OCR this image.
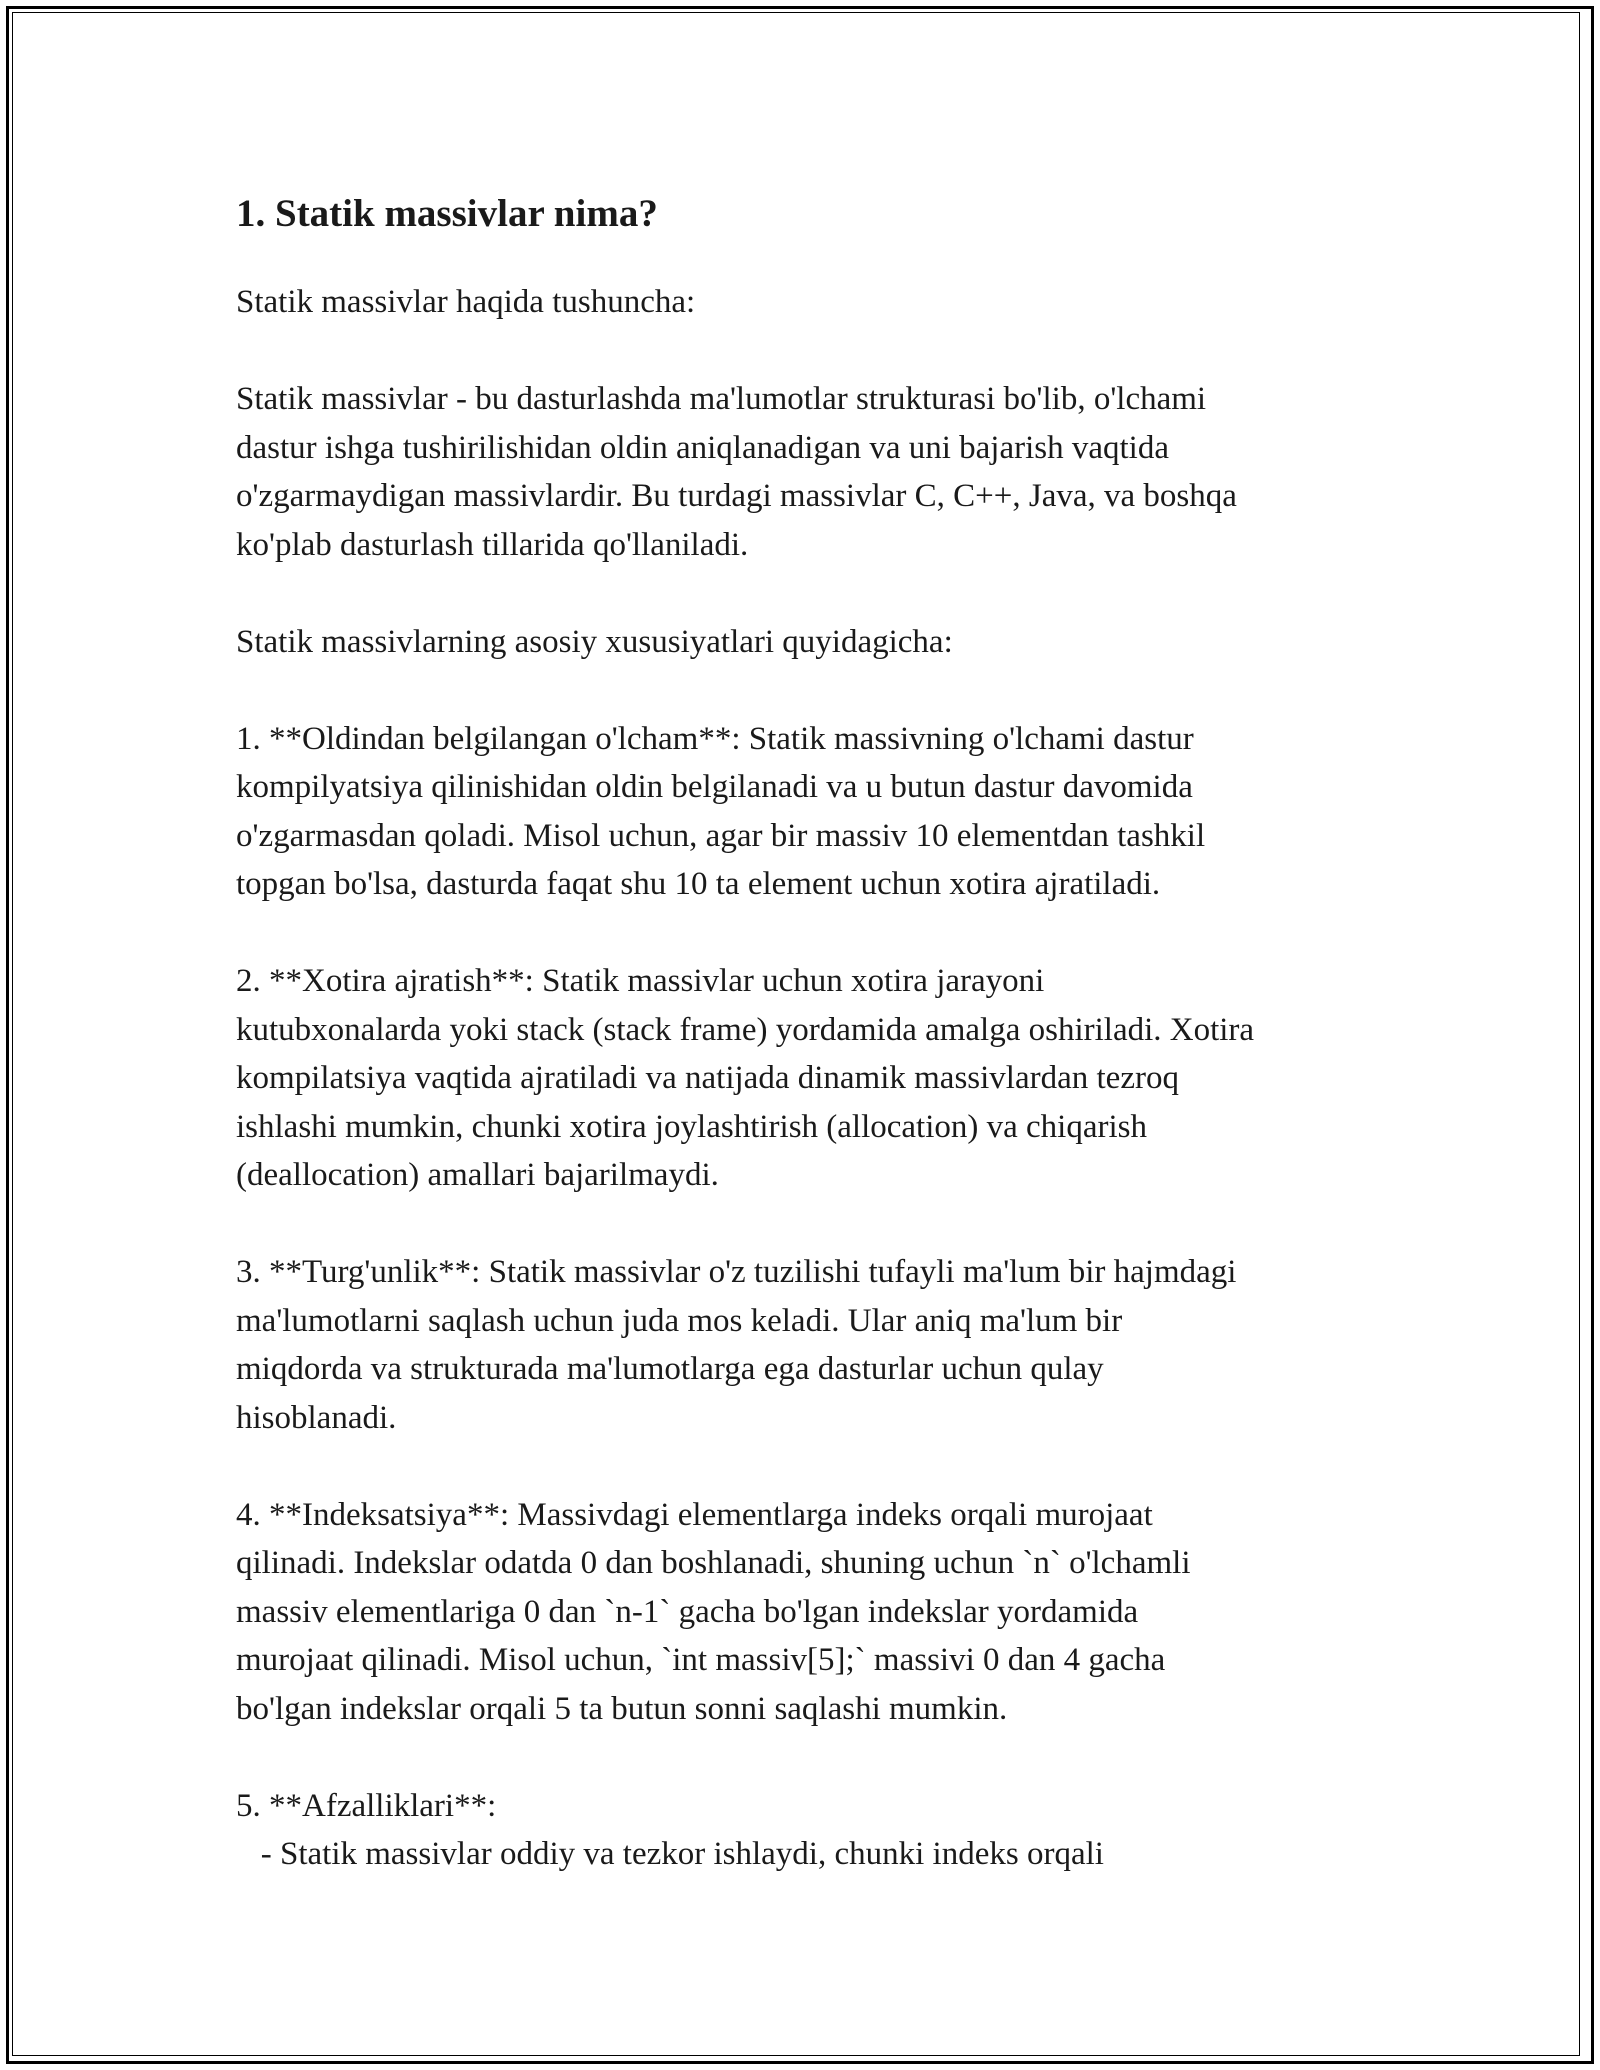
1. Statik massivlar nima?

Statik massivlar haqida tushuncha:

Statik massivlar - bu dasturlashda ma'lumotlar strukturasi bo'lib, o'lchami
dastur ishga tushirilishidan oldin aniqlanadigan va uni bajarish vaqtida
o'zgarmaydigan massivlardir. Bu turdagi massivlar C, C++, Java, va boshqa
ko'plab dasturlash tillarida qo'llaniladi.

Statik massivlarning asosiy xususiyatlari quyidagicha:

1. **Oldindan belgilangan o'lcham**: Statik massivning o'lchami dastur
kompilyatsiya qilinishidan oldin belgilanadi va u butun dastur davomida
o'zgarmasdan qoladi. Misol uchun, agar bir massiv 10 elementdan tashkil
topgan bo'lsa, dasturda faqat shu 10 ta element uchun xotira ajratiladi.

2. **Xotira ajratish**: Statik massivlar uchun xotira jarayoni
kutubxonalarda yoki stack (stack frame) yordamida amalga oshiriladi. Xotira
kompilatsiya vaqtida ajratiladi va natijada dinamik massivlardan tezroq
ishlashi mumkin, chunki xotira joylashtirish (allocation) va chiqarish
(deallocation) amallari bajarilmaydi.

3. **Turg'unlik**: Statik massivlar o'z tuzilishi tufayli ma'lum bir hajmdagi
ma'lumotlarni saqlash uchun juda mos keladi. Ular aniq ma'lum bir
miqdorda va strukturada ma'lumotlarga ega dasturlar uchun qulay
hisoblanadi.

4. **Indeksatsiya**: Massivdagi elementlarga indeks orqali murojaat
qilinadi. Indekslar odatda 0 dan boshlanadi, shuning uchun `n` o'lchamli
massiv elementlariga 0 dan `n-1` gacha bo'lgan indekslar yordamida
murojaat qilinadi. Misol uchun, `int massiv[5];` massivi 0 dan 4 gacha
bo'lgan indekslar orqali 5 ta butun sonni saqlashi mumkin.

5. **Afzalliklari**:
- Statik massivlar oddiy va tezkor ishlaydi, chunki indeks orqali
